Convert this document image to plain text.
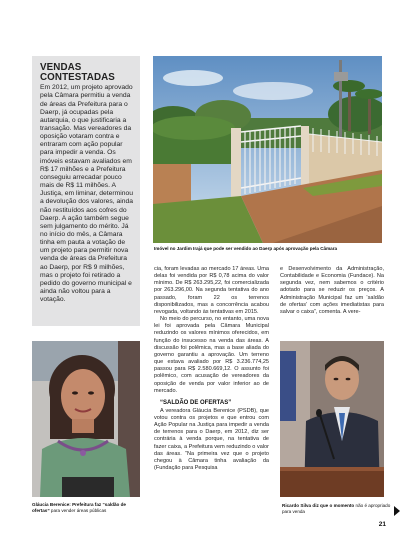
VENDAS
CONTESTADAS

Em 2012, um projeto aprovado pela Câmara permitiu a venda de áreas da Prefeitura para o Daerp, já ocupadas pela autarquia, o que justificaria a transação. Mas vereadores da oposição votaram contra e entraram com ação popular para impedir a venda. Os imóveis estavam avaliados em R$ 17 milhões e a Prefeitura conseguiu arrecadar pouco mais de R$ 11 milhões. A Justiça, em liminar, determinou a devolução dos valores, ainda não restituídos aos cofres do Daerp. A ação também segue sem julgamento do mérito. Já no início do mês, a Câmara tinha em pauta a votação de um projeto para permitir nova venda de áreas da Prefeitura ao Daerp, por R$ 9 milhões, mas o projeto foi retirado a pedido do governo municipal e ainda não voltou para a votação.

Imóvel no Jardim Irajá que pode ser vendido ao Daerp após aprovação pela Câmara
Gláucia Berenice: Prefeitura faz “saldão de ofertas” para vender áreas públicas
Ricardo Silva diz que o momento não é apropriado para venda

cia, foram levadas ao mercado 17 áreas. Uma delas foi vendida por R$ 0,78 acima do valor mínimo. De R$ 263.295,22, foi comercializada por 263.296,00. Na segunda tentativa do ano passado, foram 22 os terrenos disponibilizados, mas a concorrência acabou revogada, voltando às tentativas em 2015.

No meio do percurso, no entanto, uma nova lei foi aprovada pela Câmara Municipal reduzindo os valores mínimos oferecidos, em função do insucesso na venda das áreas. A discussão foi polêmica, mas a base aliada do governo garantiu a aprovação. Um terreno que estava avaliado por R$ 3.236.774,25 passou para R$ 2.580.669,12. O assunto foi polêmico, com acusação de vereadores da oposição de venda por valor inferior ao de mercado.

“SALDÃO DE OFERTAS”

A vereadora Gláucia Berenice (PSDB), que votou contra os projetos e que entrou com Ação Popular na Justiça para impedir a venda de terrenos para o Daerp, em 2012, diz ser contrária à venda porque, na tentativa de fazer caixa, a Prefeitura vem reduzindo o valor das áreas. “Na primeira vez que o projeto chegou à Câmara tinha avaliação da (Fundação para Pesquisa

e Desenvolvimento da Administração, Contabilidade e Economia (Fundace). Na segunda vez, nem sabemos o critério adotado para se reduzir os preços. A Administração Municipal faz um ‘saldão de ofertas’ com ações imediatistas para salvar o caixa”, comenta. A vere-

21
